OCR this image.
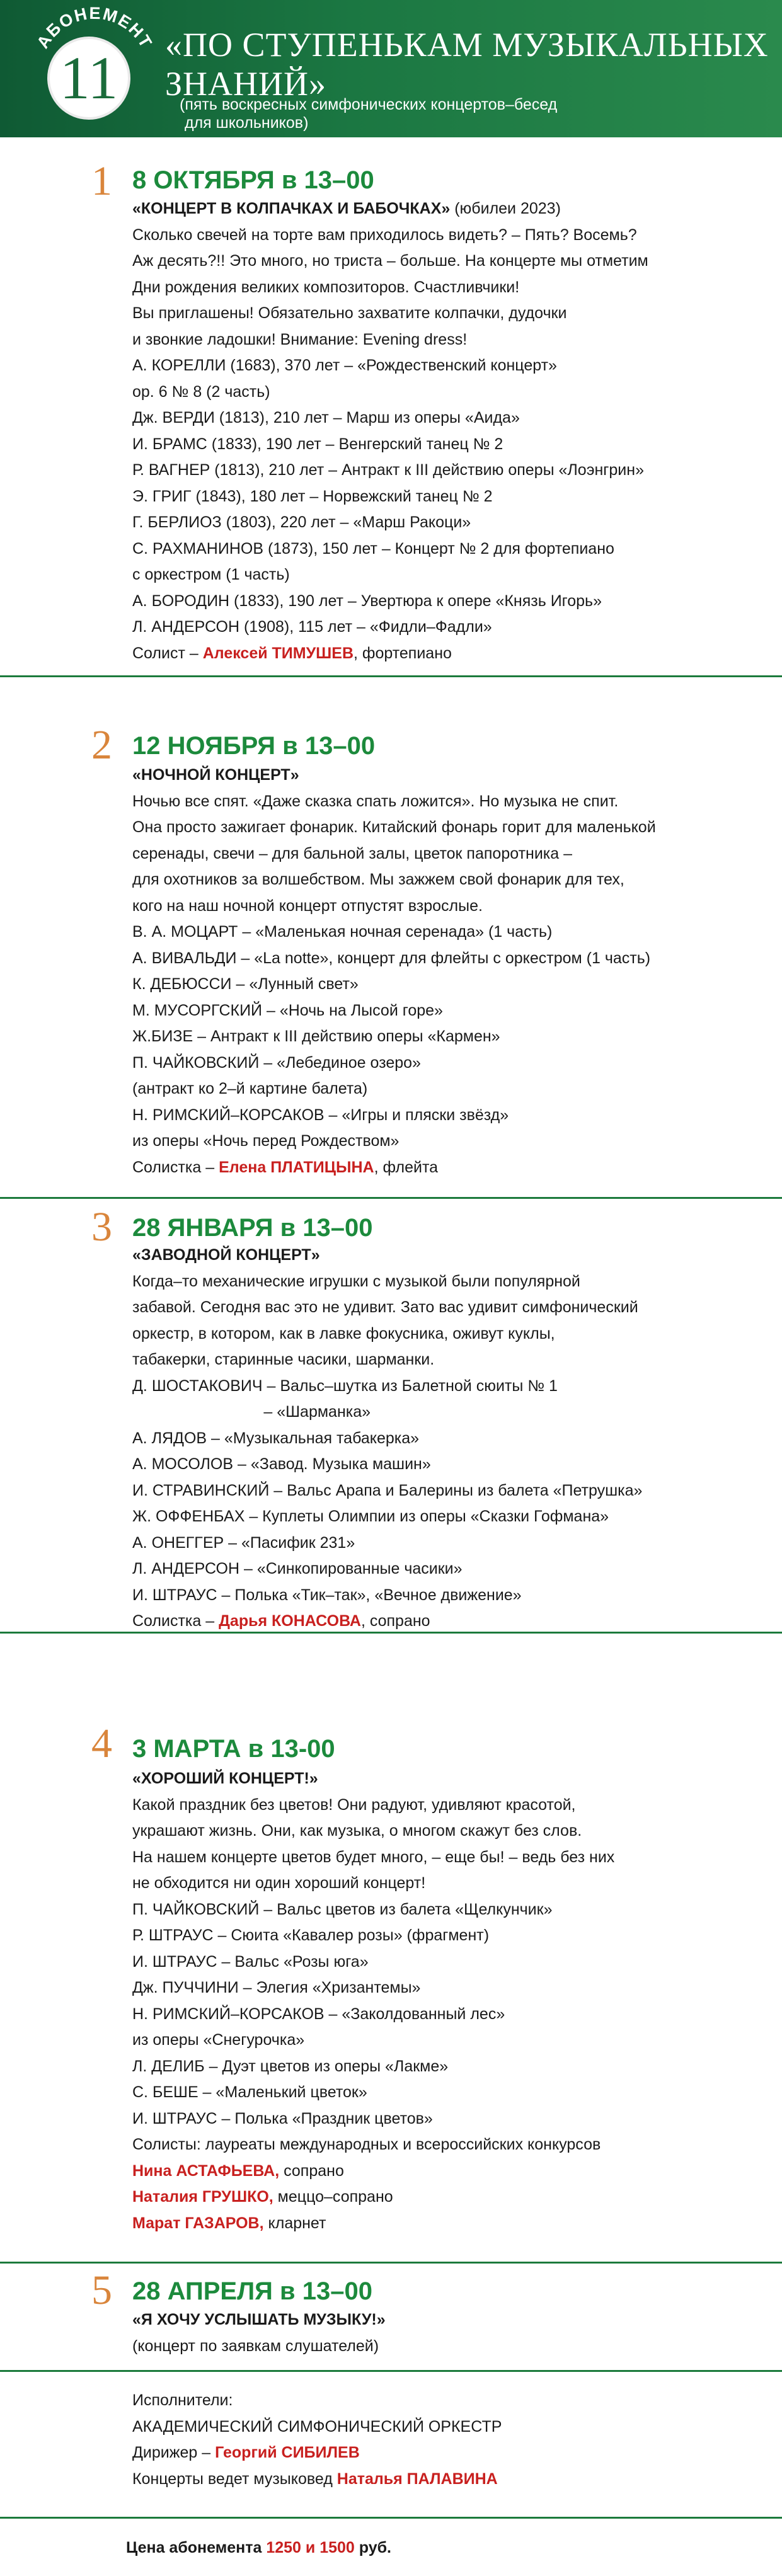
АБОНЕМЕНТ
11 «ПО СТУПЕНЬКАМ МУЗЫКАЛЬНЫХ
ЗНАНИЙ»
(пять воскресных симфонических концертов–бесед
для школьников)
1 8 ОКТЯБРЯ в 13–00

«КОНЦЕРТ В КОЛПАЧКАХ И БАБОЧКАХ» (юбилеи 2023)

Сколько свечей на торте вам приходилось видеть? – Пять? Восемь?

Аж десять?!! Это много, но триста – больше. На концерте мы отметим

Дни рождения великих композиторов. Счастливчики!

Вы приглашены! Обязательно захватите колпачки, дудочки

и звонкие ладошки! Внимание: Evening dress!

А. КОРЕЛЛИ (1683), 370 лет – «Рождественский концерт»

ор. 6 № 8 (2 часть)

Дж. ВЕРДИ (1813), 210 лет – Марш из оперы «Аида»

И. БРАМС (1833), 190 лет – Венгерский танец № 2

Р. ВАГНЕР (1813), 210 лет – Антракт к III действию оперы «Лоэнгрин»

Э. ГРИГ (1843), 180 лет – Норвежский танец № 2

Г. БЕРЛИОЗ (1803), 220 лет – «Марш Ракоци»

С. РАХМАНИНОВ (1873), 150 лет – Концерт № 2 для фортепиано

с оркестром (1 часть)

А. БОРОДИН (1833), 190 лет – Увертюра к опере «Князь Игорь»

Л. АНДЕРСОН (1908), 115 лет – «Фидли–Фадли»

Солист – Алексей ТИМУШЕВ, фортепиано

2 12 НОЯБРЯ в 13–00

«НОЧНОЙ КОНЦЕРТ»

Ночью все спят. «Даже сказка спать ложится». Но музыка не спит.

Она просто зажигает фонарик. Китайский фонарь горит для маленькой

серенады, свечи – для бальной залы, цветок папоротника –

для охотников за волшебством. Мы зажжем свой фонарик для тех,

кого на наш ночной концерт отпустят взрослые.

В. А. МОЦАРТ – «Маленькая ночная серенада» (1 часть)

А. ВИВАЛЬДИ – «La notte», концерт для флейты с оркестром (1 часть)

К. ДЕБЮССИ – «Лунный свет»

М. МУСОРГСКИЙ – «Ночь на Лысой горе»

Ж.БИЗЕ – Антракт к III действию оперы «Кармен»

П. ЧАЙКОВСКИЙ – «Лебединое озеро»

(антракт ко 2–й картине балета)

Н. РИМСКИЙ–КОРСАКОВ – «Игры и пляски звёзд»

из оперы «Ночь перед Рождеством»

Солистка – Елена ПЛАТИЦЫНА, флейта

3 28 ЯНВАРЯ в 13–00

«ЗАВОДНОЙ КОНЦЕРТ»

Когда–то механические игрушки с музыкой были популярной

забавой. Сегодня вас это не удивит. Зато вас удивит симфонический

оркестр, в котором, как в лавке фокусника, оживут куклы,

табакерки, старинные часики, шарманки.

Д. ШОСТАКОВИЧ – Вальс–шутка из Балетной сюиты № 1

– «Шарманка»

А. ЛЯДОВ – «Музыкальная табакерка»

А. МОСОЛОВ – «Завод. Музыка машин»

И. СТРАВИНСКИЙ – Вальс Арапа и Балерины из балета «Петрушка»

Ж. ОФФЕНБАХ – Куплеты Олимпии из оперы «Сказки Гофмана»

А. ОНЕГГЕР – «Пасифик 231»

Л. АНДЕРСОН – «Синкопированные часики»

И. ШТРАУС – Полька «Тик–так», «Вечное движение»

Солистка – Дарья КОНАСОВА, сопрано

4 3 МАРТА в 13-00

«ХОРОШИЙ КОНЦЕРТ!»

Какой праздник без цветов! Они радуют, удивляют красотой,

украшают жизнь. Они, как музыка, о многом скажут без слов.

На нашем концерте цветов будет много, – еще бы! – ведь без них

не обходится ни один хороший концерт!

П. ЧАЙКОВСКИЙ – Вальс цветов из балета «Щелкунчик»

Р. ШТРАУС – Сюита «Кавалер розы» (фрагмент)

И. ШТРАУС – Вальс «Розы юга»

Дж. ПУЧЧИНИ – Элегия «Хризантемы»

Н. РИМСКИЙ–КОРСАКОВ – «Заколдованный лес»

из оперы «Снегурочка»

Л. ДЕЛИБ – Дуэт цветов из оперы «Лакме»

С. БЕШЕ – «Маленький цветок»

И. ШТРАУС – Полька «Праздник цветов»

Солисты: лауреаты международных и всероссийских конкурсов

Нина АСТАФЬЕВА, сопрано

Наталия ГРУШКО, меццо–сопрано

Марат ГАЗАРОВ, кларнет

5 28 АПРЕЛЯ в 13–00

«Я ХОЧУ УСЛЫШАТЬ МУЗЫКУ!»

(концерт по заявкам слушателей)

Исполнители:

АКАДЕМИЧЕСКИЙ СИМФОНИЧЕСКИЙ ОРКЕСТР

Дирижер – Георгий СИБИЛЕВ

Концерты ведет музыковед Наталья ПАЛАВИНА

Цена абонемента 1250 и 1500 руб.
